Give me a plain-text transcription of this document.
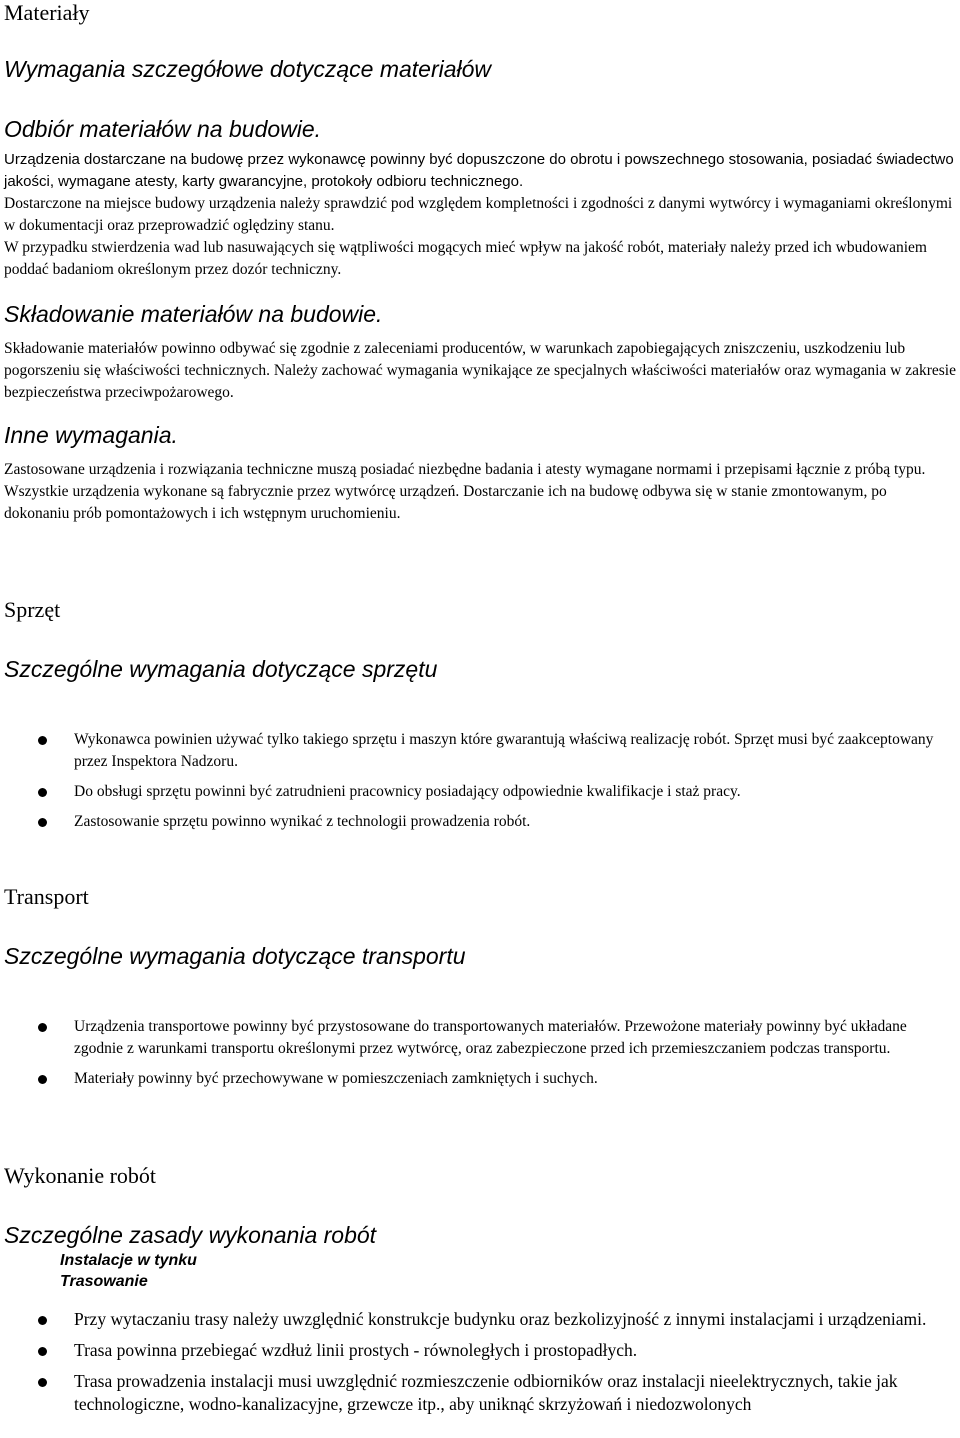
Materiały
Wymagania szczegółowe dotyczące materiałów
Odbiór materiałów na budowie.

Urządzenia dostarczane na budowę przez wykonawcę powinny być dopuszczone do obrotu i powszechnego stosowania, posiadać świadectwo jakości, wymagane atesty, karty gwarancyjne, protokoły odbioru technicznego.

Dostarczone na miejsce budowy urządzenia należy sprawdzić pod względem kompletności i zgodności z danymi wytwórcy i wymaganiami określonymi w dokumentacji oraz przeprowadzić oględziny stanu.

W przypadku stwierdzenia wad lub nasuwających się wątpliwości mogących mieć wpływ na jakość robót, materiały należy przed ich wbudowaniem poddać badaniom określonym przez dozór techniczny.

Składowanie materiałów na budowie.

Składowanie materiałów powinno odbywać się zgodnie z zaleceniami producentów, w warunkach zapobiegających zniszczeniu, uszkodzeniu lub pogorszeniu się właściwości technicznych. Należy zachować wymagania wynikające ze specjalnych właściwości materiałów oraz wymagania w zakresie bezpieczeństwa przeciwpożarowego.

Inne wymagania.

Zastosowane urządzenia i rozwiązania techniczne muszą posiadać niezbędne badania i atesty wymagane normami i przepisami łącznie z próbą typu.

Wszystkie urządzenia wykonane są fabrycznie przez wytwórcę urządzeń. Dostarczanie ich na budowę odbywa się w stanie zmontowanym, po dokonaniu prób pomontażowych i ich wstępnym uruchomieniu.

Sprzęt
Szczególne wymagania dotyczące sprzętu
Wykonawca powinien używać tylko takiego sprzętu i maszyn które gwarantują właściwą realizację robót. Sprzęt musi być zaakceptowany przez Inspektora Nadzoru.
Do obsługi sprzętu powinni być zatrudnieni pracownicy posiadający odpowiednie kwalifikacje i staż pracy.
Zastosowanie sprzętu powinno wynikać z technologii prowadzenia robót.
Transport
Szczególne wymagania dotyczące transportu
Urządzenia transportowe powinny być przystosowane do transportowanych materiałów. Przewożone materiały powinny być układane zgodnie z warunkami transportu określonymi przez wytwórcę, oraz zabezpieczone przed ich przemieszczaniem podczas transportu.
Materiały powinny być przechowywane w pomieszczeniach zamkniętych i suchych.
Wykonanie robót
Szczególne zasady wykonania robót

Instalacje w tynku

Trasowanie

Przy wytaczaniu trasy należy uwzględnić konstrukcje budynku oraz bezkolizyjność z innymi instalacjami i urządzeniami.
Trasa powinna przebiegać wzdłuż linii prostych - równoległych i prostopadłych.
Trasa prowadzenia instalacji musi uwzględnić rozmieszczenie odbiorników oraz instalacji nieelektrycznych, takie jak technologiczne, wodno-kanalizacyjne, grzewcze itp., aby uniknąć skrzyżowań i niedozwolonych
